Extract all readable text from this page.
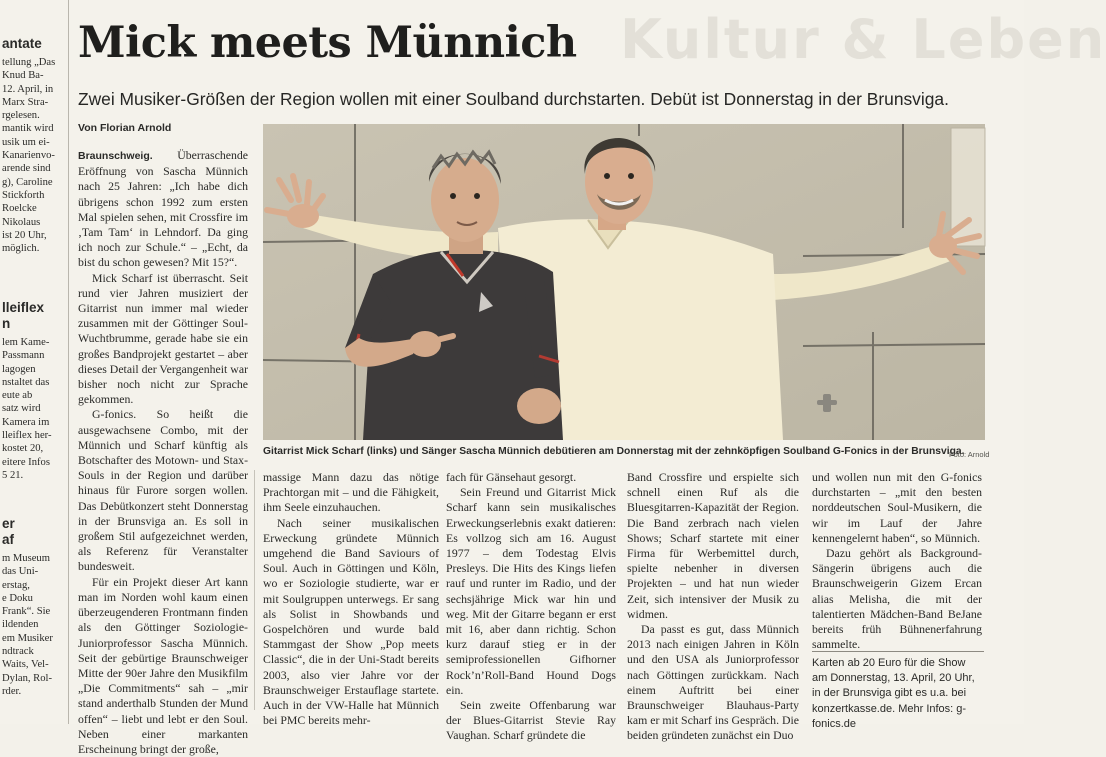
antate
tellung „Das
Knud Ba-
12. April, in
Marx Stra-
rgelesen.
mantik wird
usik um ei-
Kanarienvo-
arende sind
g), Caroline
Stickforth
Roelcke
Nikolaus
ist 20 Uhr,
möglich.
lleiflex
n
lem Kame-
Passmann
lagogen
nstaltet das
eute ab
satz wird
Kamera im
lleiflex her-
kostet 20,
eitere Infos
5 21.
er
af
m Museum
das Uni-
erstag,
e Doku
Frank“. Sie
ildenden
em Musiker
ndtrack
Waits, Vel-
Dylan, Rol-
rder.
Kultur & Leben
Mick meets Münnich
Zwei Musiker-Größen der Region wollen mit einer Soulband durchstarten. Debüt ist Donnerstag in der Brunsviga.
Von Florian Arnold
Gitarrist Mick Scharf (links) und Sänger Sascha Münnich debütieren am Donnerstag mit der zehnköpfigen Soulband G-Fonics in der Brunsviga.
Foto: Arnold

Braunschweig. Überraschende Eröffnung von Sascha Münnich nach 25 Jahren: „Ich habe dich übrigens schon 1992 zum ersten Mal spielen sehen, mit Crossfire im ‚Tam Tam‘ in Lehndorf. Da ging ich noch zur Schule.“ – „Echt, da bist du schon gewesen? Mit 15?“.

Mick Scharf ist überrascht. Seit rund vier Jahren musiziert der Gitarrist nun immer mal wieder zusammen mit der Göttinger Soul-Wuchtbrumme, gerade habe sie ein großes Bandprojekt gestartet – aber dieses Detail der Vergangenheit war bisher noch nicht zur Sprache gekommen.

G-fonics. So heißt die ausgewachsene Combo, mit der Münnich und Scharf künftig als Botschafter des Motown- und Stax-Souls in der Region und darüber hinaus für Furore sorgen wollen. Das Debütkonzert steht Donnerstag in der Brunsviga an. Es soll in großem Stil aufgezeichnet werden, als Referenz für Veranstalter bundesweit.

Für ein Projekt dieser Art kann man im Norden wohl kaum einen überzeugenderen Frontmann finden als den Göttinger Soziologie-Juniorprofessor Sascha Münnich. Seit der gebürtige Braunschweiger Mitte der 90er Jahre den Musikfilm „Die Commitments“ sah – „mir stand anderthalb Stunden der Mund offen“ – liebt und lebt er den Soul. Neben einer markanten Erscheinung bringt der große,

massige Mann dazu das nötige Prachtorgan mit – und die Fähigkeit, ihm Seele einzuhauchen.

Nach seiner musikalischen Erweckung gründete Münnich umgehend die Band Saviours of Soul. Auch in Göttingen und Köln, wo er Soziologie studierte, war er mit Soulgruppen unterwegs. Er sang als Solist in Showbands und Gospelchören und wurde bald Stammgast der Show „Pop meets Classic“, die in der Uni-Stadt bereits 2003, also vier Jahre vor der Braunschweiger Erstauflage startete. Auch in der VW-Halle hat Münnich bei PMC bereits mehr-

fach für Gänsehaut gesorgt.

Sein Freund und Gitarrist Mick Scharf kann sein musikalisches Erweckungserlebnis exakt datieren: Es vollzog sich am 16. August 1977 – dem Todestag Elvis Presleys. Die Hits des Kings liefen rauf und runter im Radio, und der sechsjährige Mick war hin und weg. Mit der Gitarre begann er erst mit 16, aber dann richtig. Schon kurz darauf stieg er in der semiprofessionellen Gifhorner Rock’n’Roll-Band Hound Dogs ein.

Sein zweite Offenbarung war der Blues-Gitarrist Stevie Ray Vaughan. Scharf gründete die

Band Crossfire und erspielte sich schnell einen Ruf als die Bluesgitarren-Kapazität der Region. Die Band zerbrach nach vielen Shows; Scharf startete mit einer Firma für Werbemittel durch, spielte nebenher in diversen Projekten – und hat nun wieder Zeit, sich intensiver der Musik zu widmen.

Da passt es gut, dass Münnich 2013 nach einigen Jahren in Köln und den USA als Juniorprofessor nach Göttingen zurückkam. Nach einem Auftritt bei einer Braunschweiger Blauhaus-Party kam er mit Scharf ins Gespräch. Die beiden gründeten zunächst ein Duo

und wollen nun mit den G-fonics durchstarten – „mit den besten norddeutschen Soul-Musikern, die wir im Lauf der Jahre kennengelernt haben“, so Münnich.

Dazu gehört als Background-Sängerin übrigens auch die Braunschweigerin Gizem Ercan alias Melisha, die mit der talentierten Mädchen-Band BeJane bereits früh Bühnenerfahrung sammelte.

Karten ab 20 Euro für die Show am Donnerstag, 13. April, 20 Uhr, in der Brunsviga gibt es u.a. bei konzertkasse.de. Mehr Infos: g-fonics.de
